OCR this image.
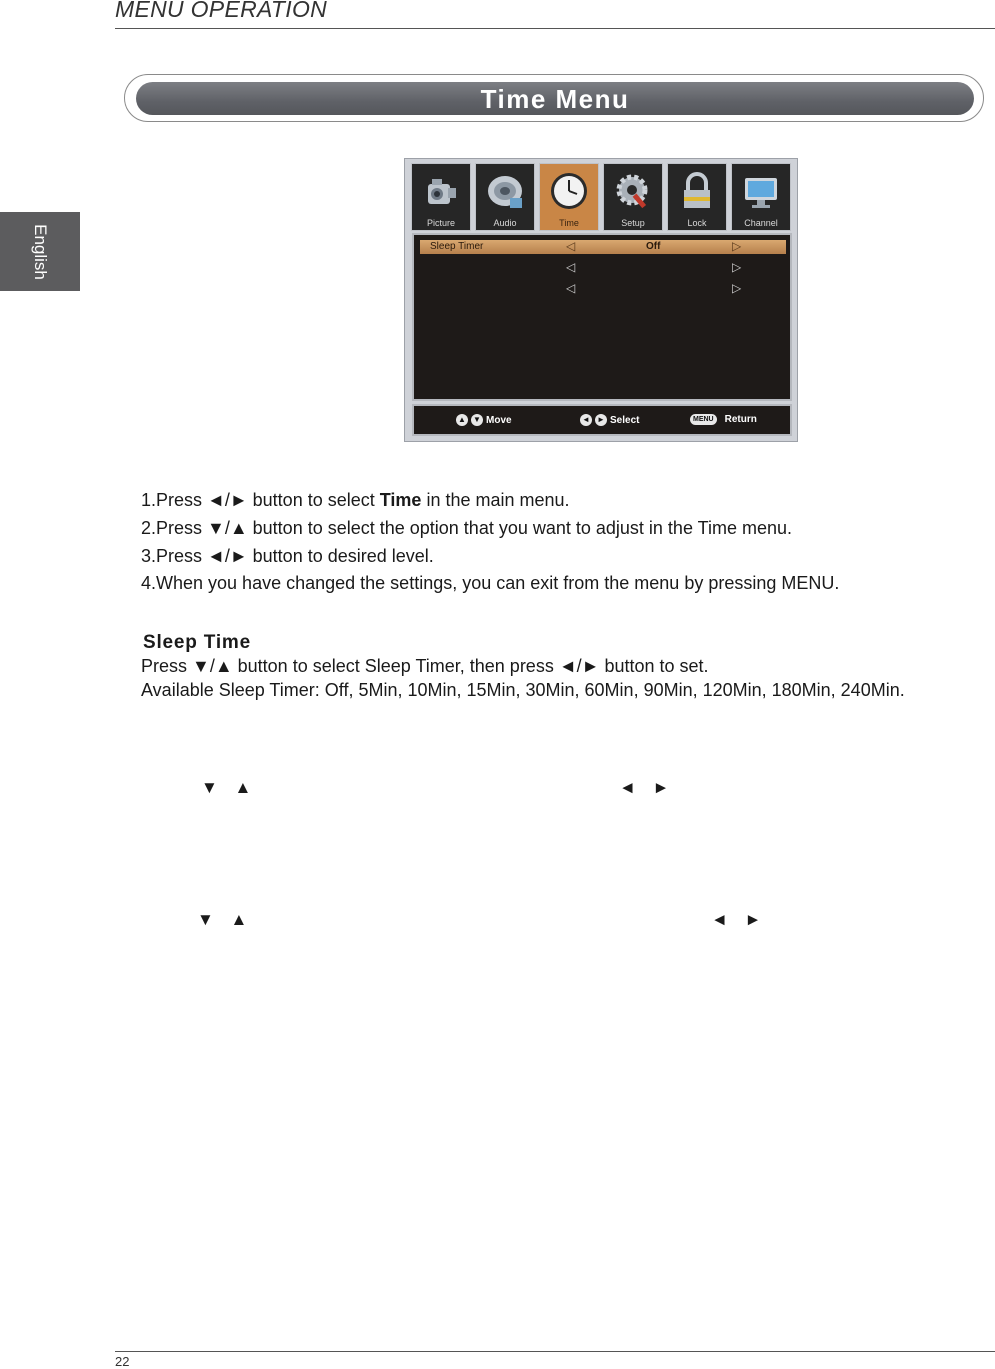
MENU OPERATION
English
Time Menu
Picture	Audio	Time	Setup	Lock	Channel
Sleep Timer	◁	Off	▷
◁	▷
◁	▷
▲ ▼ Move	◄ ► Select	MENU	Return
1.Press ◄/► button to select Time in the main menu.
2.Press ▼/▲ button to select the option that you want to adjust in the Time menu.
3.Press ◄/► button to desired level.
4.When you have changed the settings, you can exit from the menu by pressing MENU.
Sleep Time
Press ▼/▲ button to select Sleep Timer, then press ◄/► button to set.
Available Sleep Timer: Off, 5Min, 10Min, 15Min, 30Min, 60Min, 90Min, 120Min, 180Min, 240Min.
▼ ▲	◄ ►
▼ ▲	◄ ►
22
